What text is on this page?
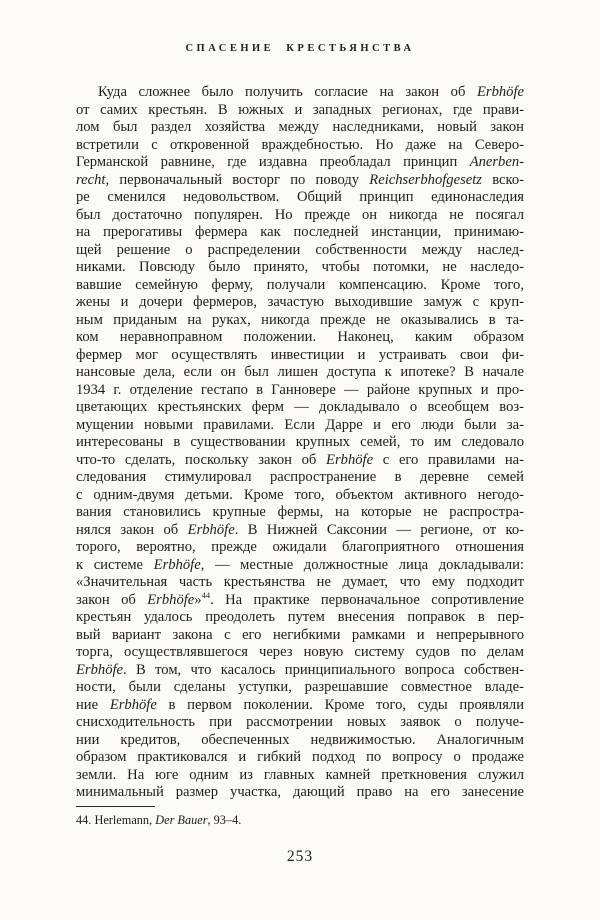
СПАСЕНИЕ КРЕСТЬЯНСТВА
Куда сложнее было получить согласие на закон об Erbhöfe
от самих крестьян. В южных и западных регионах, где прави-
лом был раздел хозяйства между наследниками, новый закон
встретили с откровенной враждебностью. Но даже на Северо-
Германской равнине, где издавна преобладал принцип Anerben-
recht, первоначальный восторг по поводу Reichserbhofgesetz вско-
ре сменился недовольством. Общий принцип единонаследия
был достаточно популярен. Но прежде он никогда не посягал
на прерогативы фермера как последней инстанции, принимаю-
щей решение о распределении собственности между наслед-
никами. Повсюду было принято, чтобы потомки, не наследо-
вавшие семейную ферму, получали компенсацию. Кроме того,
жены и дочери фермеров, зачастую выходившие замуж с круп-
ным приданым на руках, никогда прежде не оказывались в та-
ком неравноправном положении. Наконец, каким образом
фермер мог осуществлять инвестиции и устраивать свои фи-
нансовые дела, если он был лишен доступа к ипотеке? В начале
1934 г. отделение гестапо в Ганновере — районе крупных и про-
цветающих крестьянских ферм — докладывало о всеобщем воз-
мущении новыми правилами. Если Дарре и его люди были за-
интересованы в существовании крупных семей, то им следовало
что-то сделать, поскольку закон об Erbhöfe с его правилами на-
следования стимулировал распространение в деревне семей
с одним-двумя детьми. Кроме того, объектом активного негодо-
вания становились крупные фермы, на которые не распростра-
нялся закон об Erbhöfe. В Нижней Саксонии — регионе, от ко-
торого, вероятно, прежде ожидали благоприятного отношения
к системе Erbhöfe, — местные должностные лица докладывали:
«Значительная часть крестьянства не думает, что ему подходит
закон об Erbhöfe»$^{44}$. На практике первоначальное сопротивление
крестьян удалось преодолеть путем внесения поправок в пер-
вый вариант закона с его негибкими рамками и непрерывного
торга, осуществлявшегося через новую систему судов по делам
Erbhöfe. В том, что касалось принципиального вопроса собствен-
ности, были сделаны уступки, разрешавшие совместное владе-
ние Erbhöfe в первом поколении. Кроме того, суды проявляли
снисходительность при рассмотрении новых заявок о получе-
нии кредитов, обеспеченных недвижимостью. Аналогичным
образом практиковался и гибкий подход по вопросу о продаже
земли. На юге одним из главных камней преткновения служил
минимальный размер участка, дающий право на его занесение
44. Herlemann, Der Bauer, 93–4.
253
